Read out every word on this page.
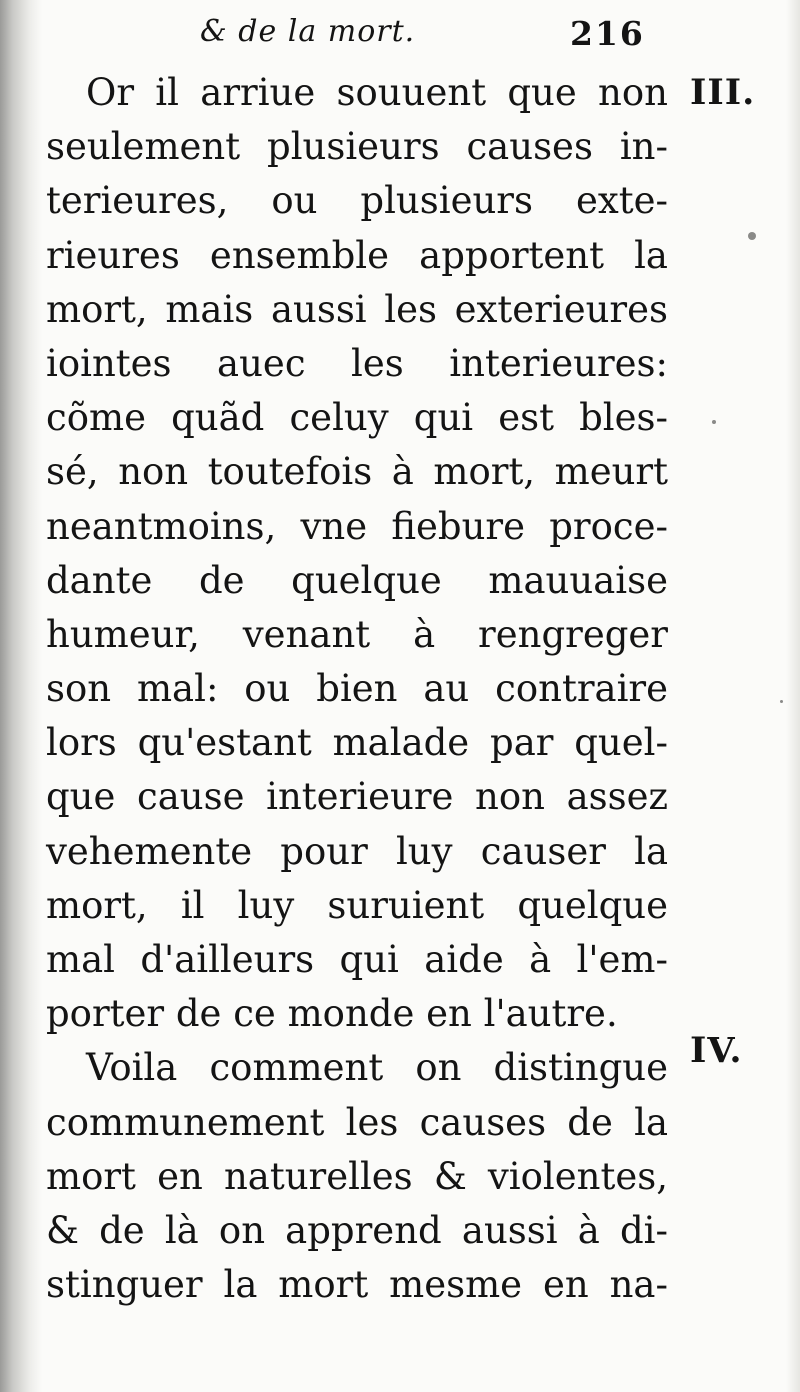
& de la mort.	216
III.
IV.
Or il arriue souuent que non
seulement plusieurs causes in-
terieures, ou plusieurs exte-
rieures ensemble apportent la
mort, mais aussi les exterieures
iointes auec les interieures:
cõme quãd celuy qui est bles-
sé, non toutefois à mort, meurt
neantmoins, vne fiebure proce-
dante de quelque mauuaise
humeur, venant à rengreger
son mal: ou bien au contraire
lors qu'estant malade par quel-
que cause interieure non assez
vehemente pour luy causer la
mort, il luy suruient quelque
mal d'ailleurs qui aide à l'em-
porter de ce monde en l'autre.
Voila comment on distingue
communement les causes de la
mort en naturelles & violentes,
& de là on apprend aussi à di-
stinguer la mort mesme en na-
